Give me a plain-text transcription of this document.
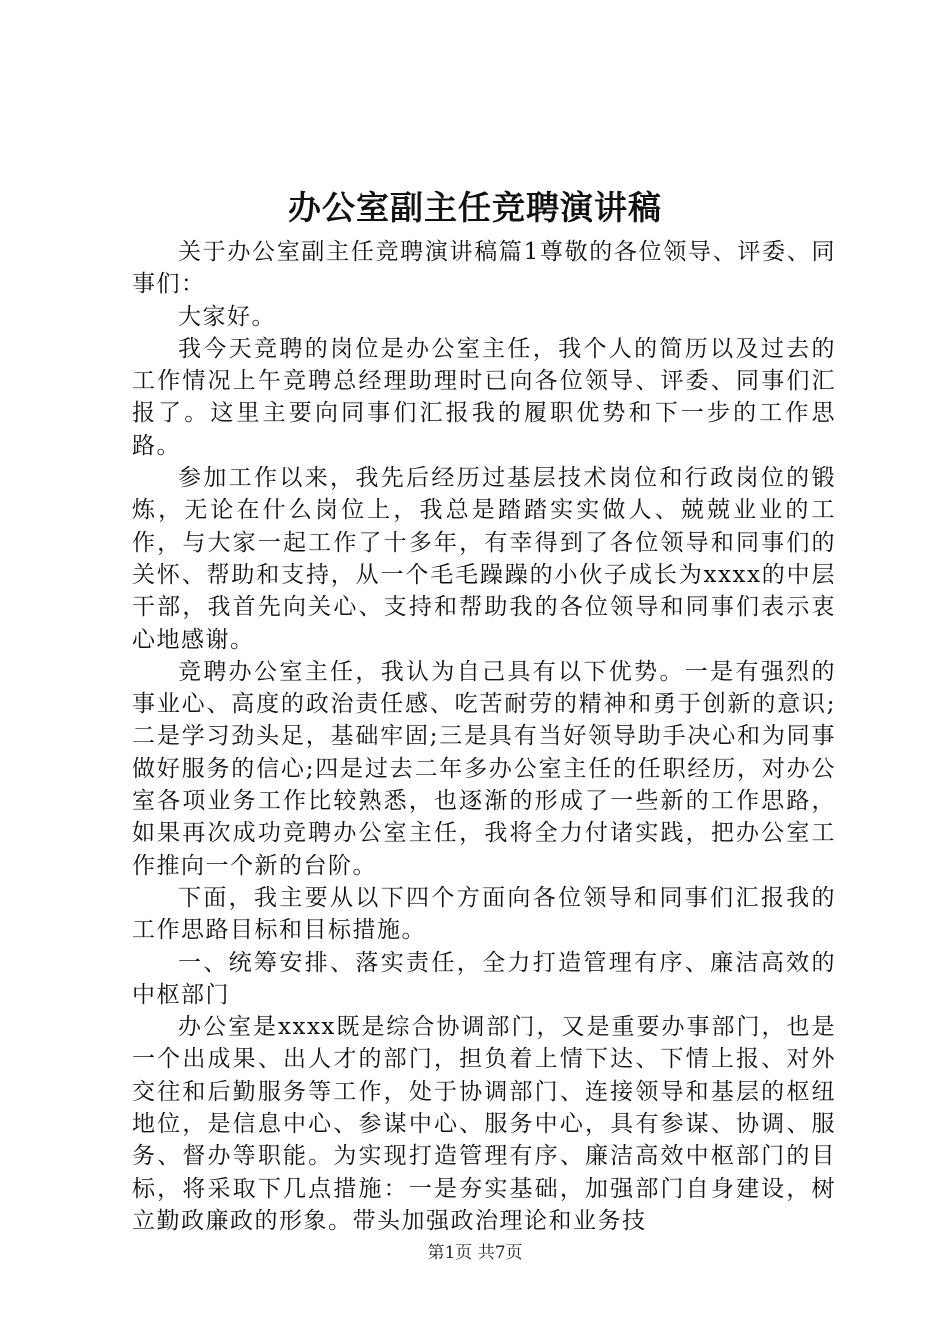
办公室副主任竞聘演讲稿

关于办公室副主任竞聘演讲稿篇1尊敬的各位领导、评委、同事们：

大家好。

我今天竞聘的岗位是办公室主任，我个人的简历以及过去的工作情况上午竞聘总经理助理时已向各位领导、评委、同事们汇报了。这里主要向同事们汇报我的履职优势和下一步的工作思路。

参加工作以来，我先后经历过基层技术岗位和行政岗位的锻炼，无论在什么岗位上，我总是踏踏实实做人、兢兢业业的工作，与大家一起工作了十多年，有幸得到了各位领导和同事们的关怀、帮助和支持，从一个毛毛躁躁的小伙子成长为xxxx的中层干部，我首先向关心、支持和帮助我的各位领导和同事们表示衷心地感谢。

竞聘办公室主任，我认为自己具有以下优势。一是有强烈的事业心、高度的政治责任感、吃苦耐劳的精神和勇于创新的意识;二是学习劲头足，基础牢固;三是具有当好领导助手决心和为同事做好服务的信心;四是过去二年多办公室主任的任职经历，对办公室各项业务工作比较熟悉，也逐渐的形成了一些新的工作思路，如果再次成功竞聘办公室主任，我将全力付诸实践，把办公室工作推向一个新的台阶。

下面，我主要从以下四个方面向各位领导和同事们汇报我的工作思路目标和目标措施。

一、统筹安排、落实责任，全力打造管理有序、廉洁高效的中枢部门

办公室是xxxx既是综合协调部门，又是重要办事部门，也是一个出成果、出人才的部门，担负着上情下达、下情上报、对外交往和后勤服务等工作，处于协调部门、连接领导和基层的枢纽地位，是信息中心、参谋中心、服务中心，具有参谋、协调、服务、督办等职能。为实现打造管理有序、廉洁高效中枢部门的目标，将采取下几点措施：一是夯实基础，加强部门自身建设，树立勤政廉政的形象。带头加强政治理论和业务技

第1页 共7页
